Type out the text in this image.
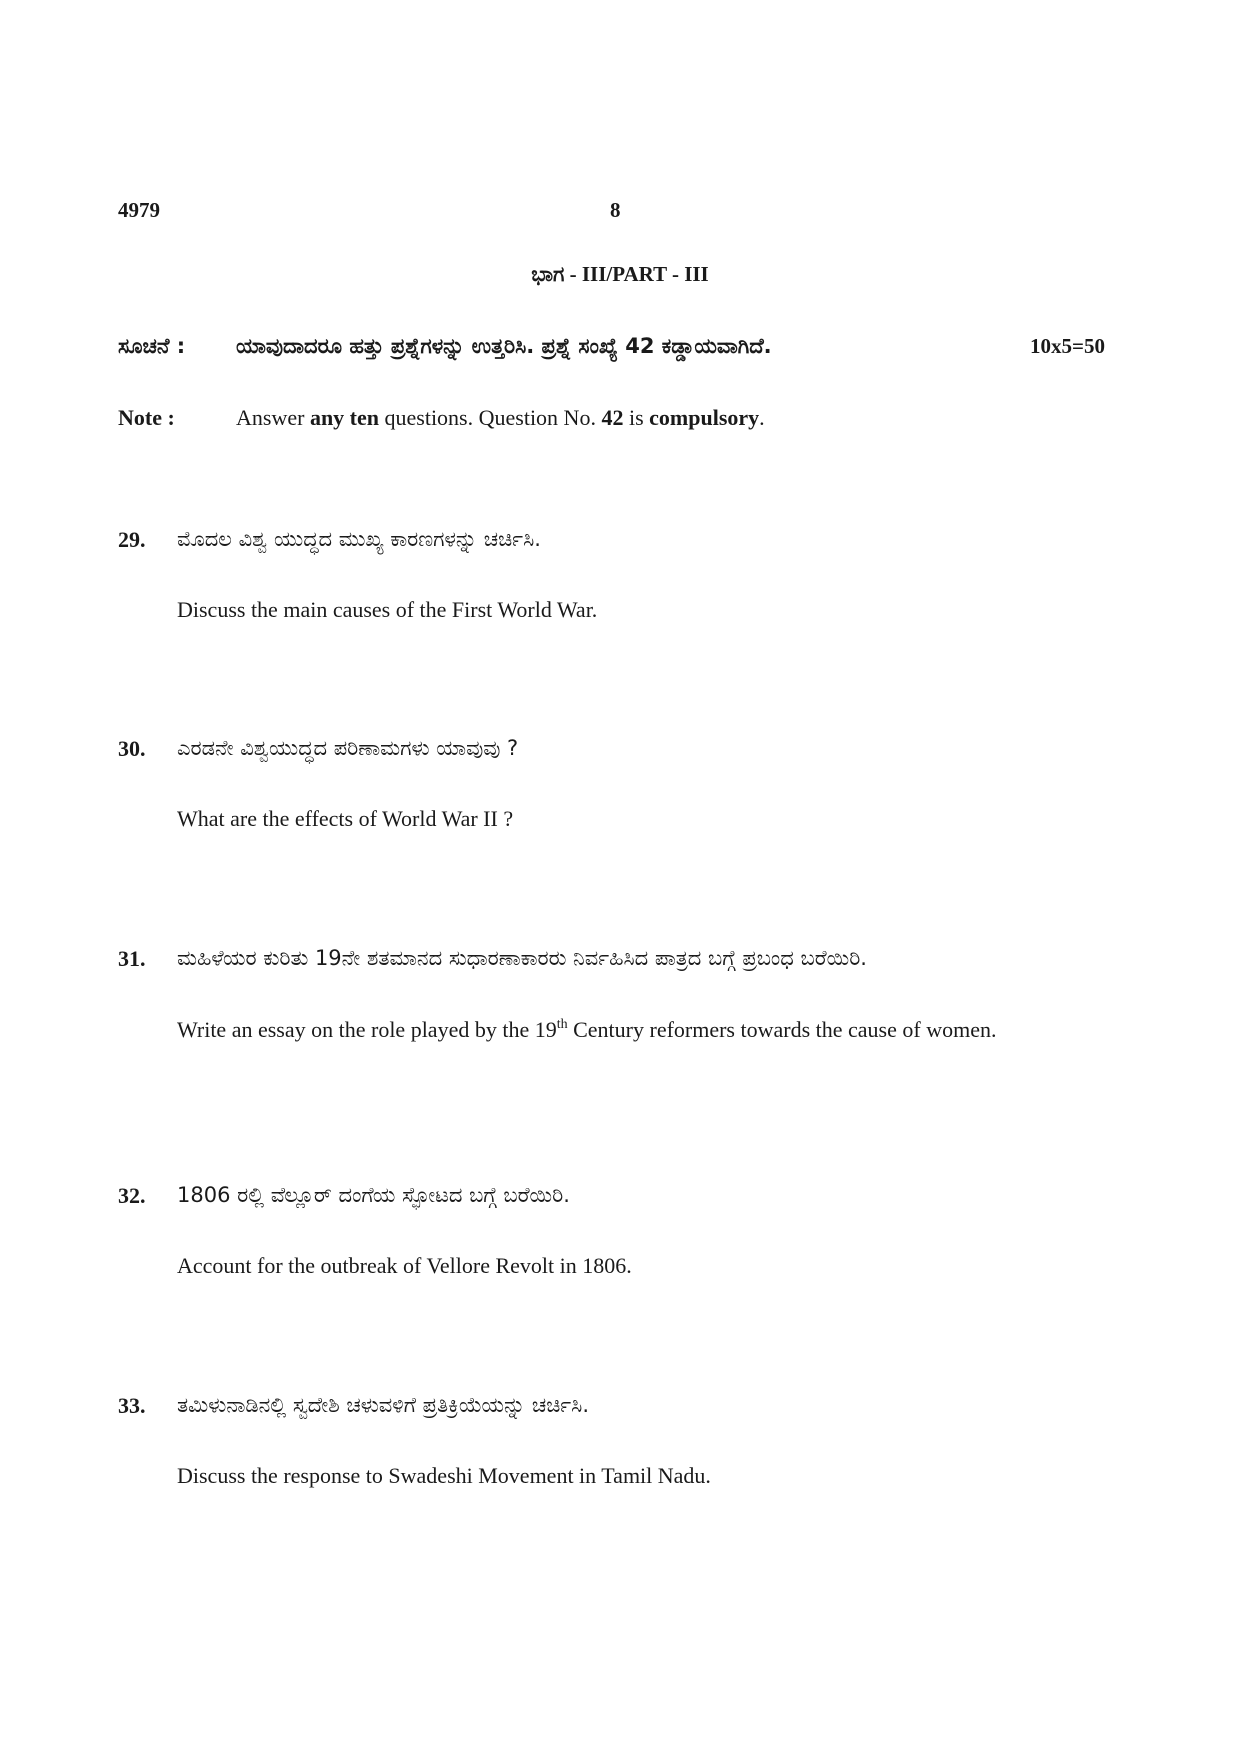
4979	8
ಭಾಗ - III/PART - III
ಸೂಚನೆ : ಯಾವುದಾದರೂ ಹತ್ತು ಪ್ರಶ್ನೆಗಳನ್ನು ಉತ್ತರಿಸಿ. ಪ್ರಶ್ನೆ ಸಂಖ್ಯೆ 42 ಕಡ್ಡಾಯವಾಗಿದೆ.	10x5=50
Note :	Answer any ten questions. Question No. 42 is compulsory.
29. ಮೊದಲ ವಿಶ್ವ ಯುದ್ಧದ ಮುಖ್ಯ ಕಾರಣಗಳನ್ನು ಚರ್ಚಿಸಿ.
Discuss the main causes of the First World War.
30. ಎರಡನೇ ವಿಶ್ವಯುದ್ಧದ ಪರಿಣಾಮಗಳು ಯಾವುವು ?
What are the effects of World War II ?
31. ಮಹಿಳೆಯರ ಕುರಿತು 19ನೇ ಶತಮಾನದ ಸುಧಾರಣಾಕಾರರು ನಿರ್ವಹಿಸಿದ ಪಾತ್ರದ ಬಗ್ಗೆ ಪ್ರಬಂಧ ಬರೆಯಿರಿ.
Write an essay on the role played by the 19th Century reformers towards the cause of women.
32. 1806 ರಲ್ಲಿ ವೆಲ್ಲೂರ್ ದಂಗೆಯ ಸ್ಫೋಟದ ಬಗ್ಗೆ ಬರೆಯಿರಿ.
Account for the outbreak of Vellore Revolt in 1806.
33. ತಮಿಳುನಾಡಿನಲ್ಲಿ ಸ್ವದೇಶಿ ಚಳುವಳಿಗೆ ಪ್ರತಿಕ್ರಿಯೆಯನ್ನು ಚರ್ಚಿಸಿ.
Discuss the response to Swadeshi Movement in Tamil Nadu.
